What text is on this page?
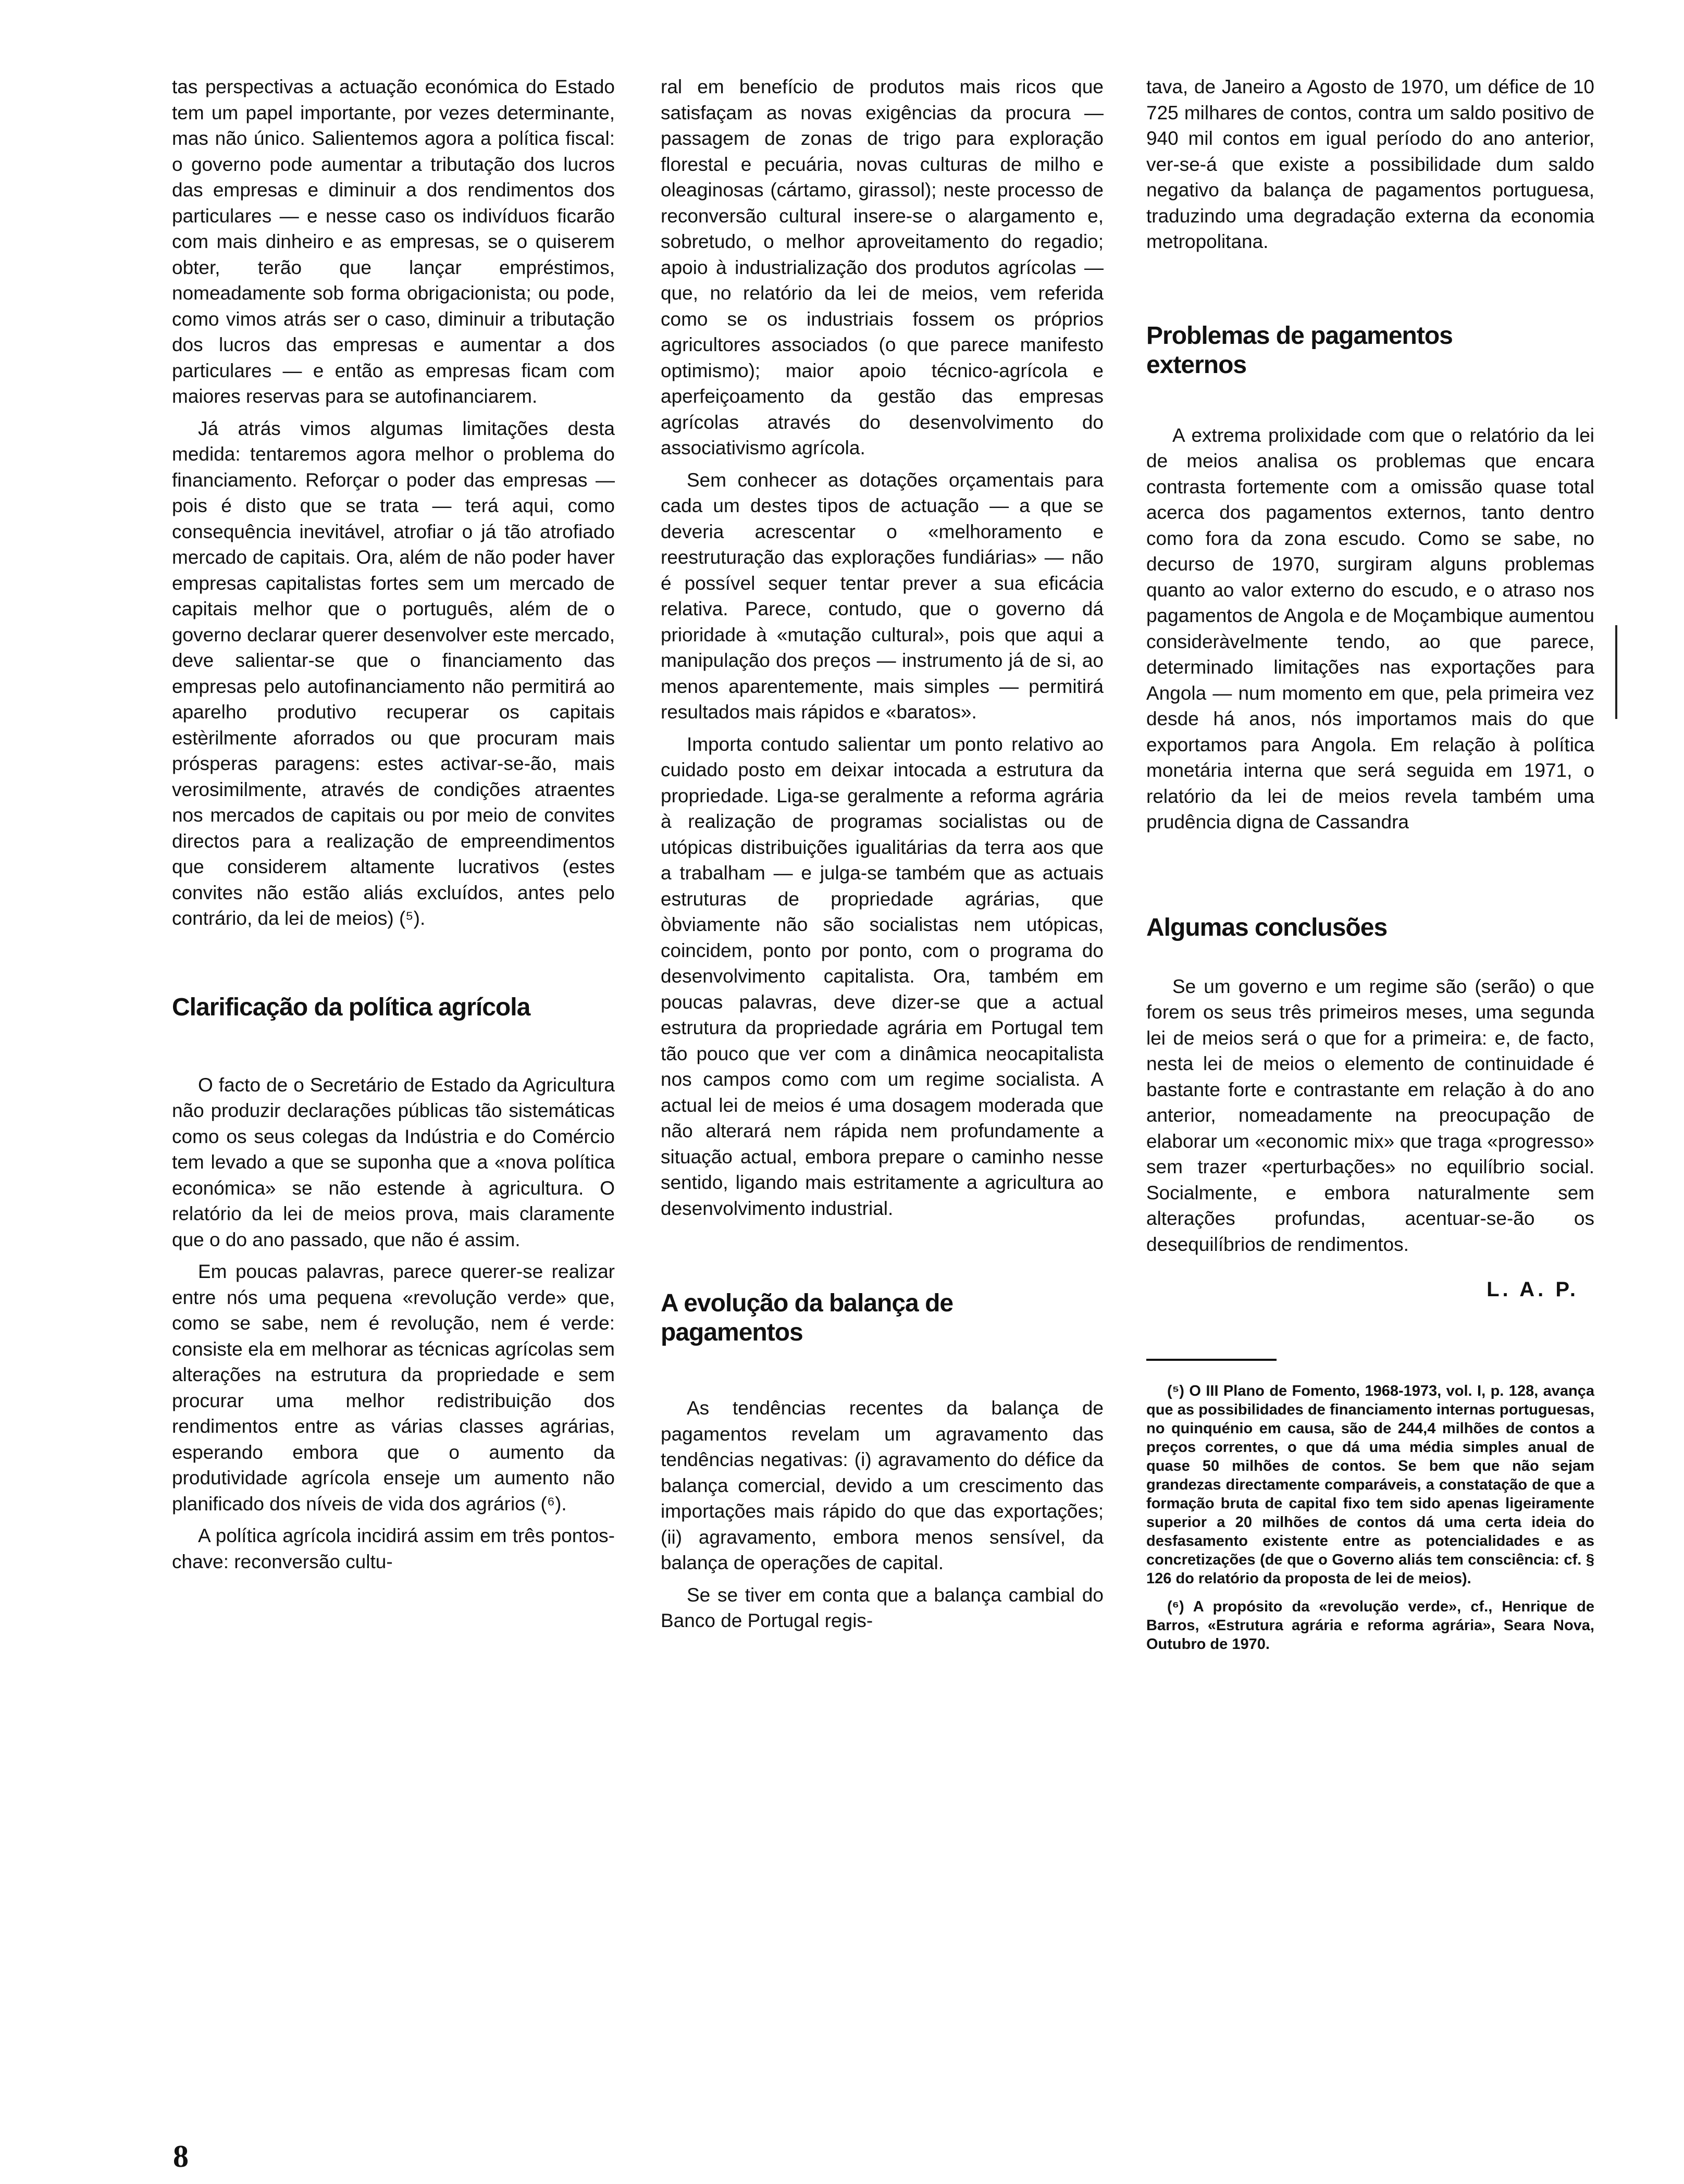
tas perspectivas a actuação económica do Estado tem um papel importante, por vezes determinante, mas não único. Salientemos agora a política fiscal: o governo pode aumentar a tributação dos lucros das empresas e diminuir a dos rendimentos dos particulares — e nesse caso os indivíduos ficarão com mais dinheiro e as empresas, se o quiserem obter, terão que lançar empréstimos, nomeadamente sob forma obrigacionista; ou pode, como vimos atrás ser o caso, diminuir a tributação dos lucros das empresas e aumentar a dos particulares — e então as empresas ficam com maiores reservas para se autofinanciarem.

Já atrás vimos algumas limitações desta medida: tentaremos agora melhor o problema do financiamento. Reforçar o poder das empresas — pois é disto que se trata — terá aqui, como consequência inevitável, atrofiar o já tão atrofiado mercado de capitais. Ora, além de não poder haver empresas capitalistas fortes sem um mercado de capitais melhor que o português, além de o governo declarar querer desenvolver este mercado, deve salientar-se que o financiamento das empresas pelo autofinanciamento não permitirá ao aparelho produtivo recuperar os capitais estèrilmente aforrados ou que procuram mais prósperas paragens: estes activar-se-ão, mais verosimilmente, através de condições atraentes nos mercados de capitais ou por meio de convites directos para a realização de empreendimentos que considerem altamente lucrativos (estes convites não estão aliás excluídos, antes pelo contrário, da lei de meios) (⁵).

Clarificação da política agrícola

O facto de o Secretário de Estado da Agricultura não produzir declarações públicas tão sistemáticas como os seus colegas da Indústria e do Comércio tem levado a que se suponha que a «nova política económica» se não estende à agricultura. O relatório da lei de meios prova, mais claramente que o do ano passado, que não é assim.

Em poucas palavras, parece querer-se realizar entre nós uma pequena «revolução verde» que, como se sabe, nem é revolução, nem é verde: consiste ela em melhorar as técnicas agrícolas sem alterações na estrutura da propriedade e sem procurar uma melhor redistribuição dos rendimentos entre as várias classes agrárias, esperando embora que o aumento da produtividade agrícola enseje um aumento não planificado dos níveis de vida dos agrários (⁶).

A política agrícola incidirá assim em três pontos-chave: reconversão cultu-

ral em benefício de produtos mais ricos que satisfaçam as novas exigências da procura — passagem de zonas de trigo para exploração florestal e pecuária, novas culturas de milho e oleaginosas (cártamo, girassol); neste processo de reconversão cultural insere-se o alargamento e, sobretudo, o melhor aproveitamento do regadio; apoio à industrialização dos produtos agrícolas — que, no relatório da lei de meios, vem referida como se os industriais fossem os próprios agricultores associados (o que parece manifesto optimismo); maior apoio técnico-agrícola e aperfeiçoamento da gestão das empresas agrícolas através do desenvolvimento do associativismo agrícola.

Sem conhecer as dotações orçamentais para cada um destes tipos de actuação — a que se deveria acrescentar o «melhoramento e reestruturação das explorações fundiárias» — não é possível sequer tentar prever a sua eficácia relativa. Parece, contudo, que o governo dá prioridade à «mutação cultural», pois que aqui a manipulação dos preços — instrumento já de si, ao menos aparentemente, mais simples — permitirá resultados mais rápidos e «baratos».

Importa contudo salientar um ponto relativo ao cuidado posto em deixar intocada a estrutura da propriedade. Liga-se geralmente a reforma agrária à realização de programas socialistas ou de utópicas distribuições igualitárias da terra aos que a trabalham — e julga-se também que as actuais estruturas de propriedade agrárias, que òbviamente não são socialistas nem utópicas, coincidem, ponto por ponto, com o programa do desenvolvimento capitalista. Ora, também em poucas palavras, deve dizer-se que a actual estrutura da propriedade agrária em Portugal tem tão pouco que ver com a dinâmica neocapitalista nos campos como com um regime socialista. A actual lei de meios é uma dosagem moderada que não alterará nem rápida nem profundamente a situação actual, embora prepare o caminho nesse sentido, ligando mais estritamente a agricultura ao desenvolvimento industrial.

A evolução da balança de pagamentos

As tendências recentes da balança de pagamentos revelam um agravamento das tendências negativas: (i) agravamento do défice da balança comercial, devido a um crescimento das importações mais rápido do que das exportações; (ii) agravamento, embora menos sensível, da balança de operações de capital.

Se se tiver em conta que a balança cambial do Banco de Portugal regis-

tava, de Janeiro a Agosto de 1970, um défice de 10 725 milhares de contos, contra um saldo positivo de 940 mil contos em igual período do ano anterior, ver-se-á que existe a possibilidade dum saldo negativo da balança de pagamentos portuguesa, traduzindo uma degradação externa da economia metropolitana.

Problemas de pagamentos externos

A extrema prolixidade com que o relatório da lei de meios analisa os problemas que encara contrasta fortemente com a omissão quase total acerca dos pagamentos externos, tanto dentro como fora da zona escudo. Como se sabe, no decurso de 1970, surgiram alguns problemas quanto ao valor externo do escudo, e o atraso nos pagamentos de Angola e de Moçambique aumentou consideràvelmente tendo, ao que parece, determinado limitações nas exportações para Angola — num momento em que, pela primeira vez desde há anos, nós importamos mais do que exportamos para Angola. Em relação à política monetária interna que será seguida em 1971, o relatório da lei de meios revela também uma prudência digna de Cassandra

Algumas conclusões

Se um governo e um regime são (serão) o que forem os seus três primeiros meses, uma segunda lei de meios será o que for a primeira: e, de facto, nesta lei de meios o elemento de continuidade é bastante forte e contrastante em relação à do ano anterior, nomeadamente na preocupação de elaborar um «economic mix» que traga «progresso» sem trazer «perturbações» no equilíbrio social. Socialmente, e embora naturalmente sem alterações profundas, acentuar-se-ão os desequilíbrios de rendimentos.

L. A. P.

(⁵) O III Plano de Fomento, 1968-1973, vol. I, p. 128, avança que as possibilidades de financiamento internas portuguesas, no quinquénio em causa, são de 244,4 milhões de contos a preços correntes, o que dá uma média simples anual de quase 50 milhões de contos. Se bem que não sejam grandezas directamente comparáveis, a constatação de que a formação bruta de capital fixo tem sido apenas ligeiramente superior a 20 milhões de contos dá uma certa ideia do desfasamento existente entre as potencialidades e as concretizações (de que o Governo aliás tem consciência: cf. § 126 do relatório da proposta de lei de meios).

(⁶) A propósito da «revolução verde», cf., Henrique de Barros, «Estrutura agrária e reforma agrária», Seara Nova, Outubro de 1970.

8
